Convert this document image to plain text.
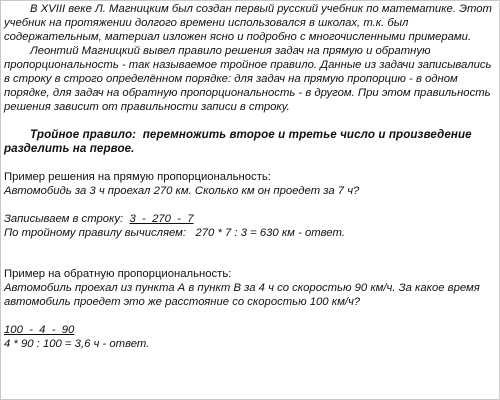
В XVIII веке Л. Магницким был создан первый русский учебник по математике. Этот учебник на протяжении долгого времени использовался в школах, т.к. был содержательным, материал изложен ясно и подробно с многочисленными примерами.

Леонтий Магницкий вывел правило решения задач на прямую и обратную пропорциональность - так называемое тройное правило. Данные из задачи записывались в строку в строго определённом порядке: для задач на прямую пропорцию - в одном порядке, для задач на обратную пропорциональность - в другом. При этом правильность решения зависит от правильности записи в строку.

Тройное правило: перемножить второе и третье число и произведение разделить на первое.

Пример решения на прямую пропорциональность:

Автомобидь за 3 ч проехал 270 км. Сколько км он проедет за 7 ч?

Записываем в строку: 3  -  270  -  7

По тройному правилу вычисляем:   270 * 7 : 3 = 630 км - ответ.

Пример на обратную пропорциональность:

Автомобиль проехал из пункта А в пункт В за 4 ч со скоростью 90 км/ч. За какое время автомобиль проедет это же расстояние со скоростью 100 км/ч?

100  -  4  -  90

4 * 90 : 100 = 3,6 ч - ответ.
